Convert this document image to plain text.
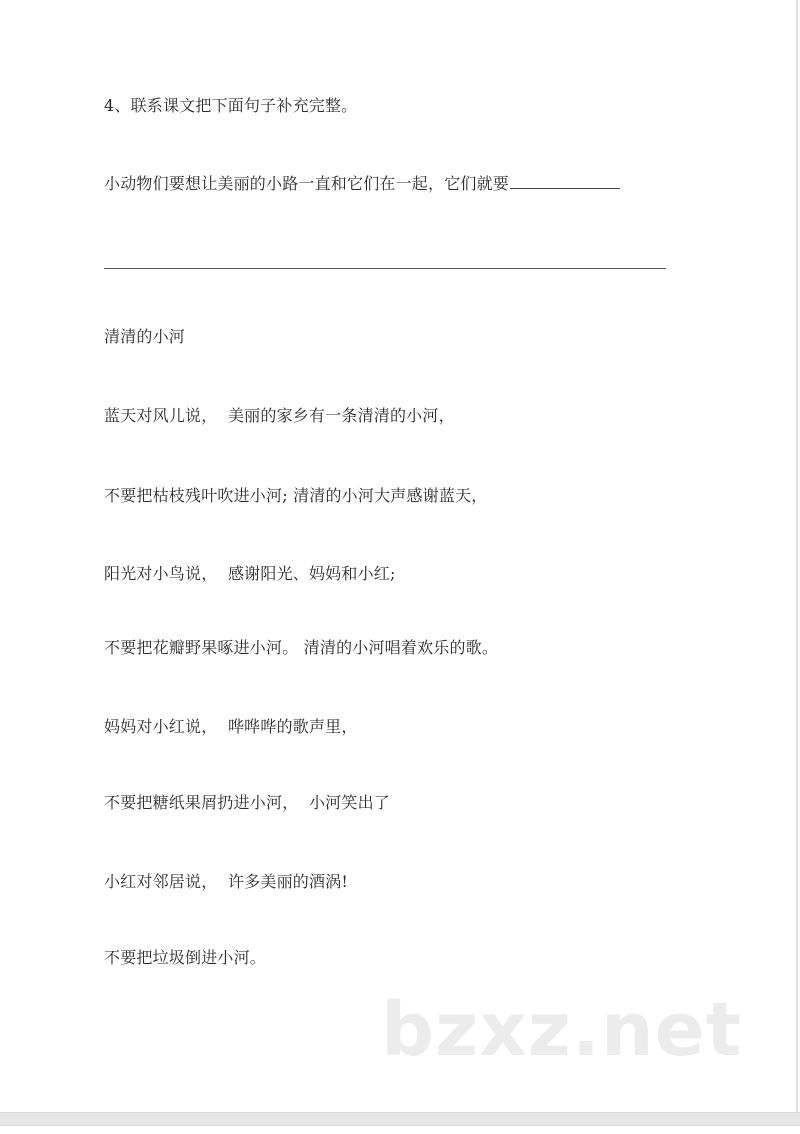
4、联系课文把下面句子补充完整。
小动物们要想让美丽的小路一直和它们在一起，它们就要
清清的小河
蓝天对风儿说，  美丽的家乡有一条清清的小河，
不要把枯枝残叶吹进小河; 清清的小河大声感谢蓝天，
阳光对小鸟说，  感谢阳光、妈妈和小红;
不要把花瓣野果啄进小河。 清清的小河唱着欢乐的歌。
妈妈对小红说，  哗哗哗的歌声里，
不要把糖纸果屑扔进小河，  小河笑出了
小红对邻居说，  许多美丽的酒涡!
不要把垃圾倒进小河。
bzxz.net
